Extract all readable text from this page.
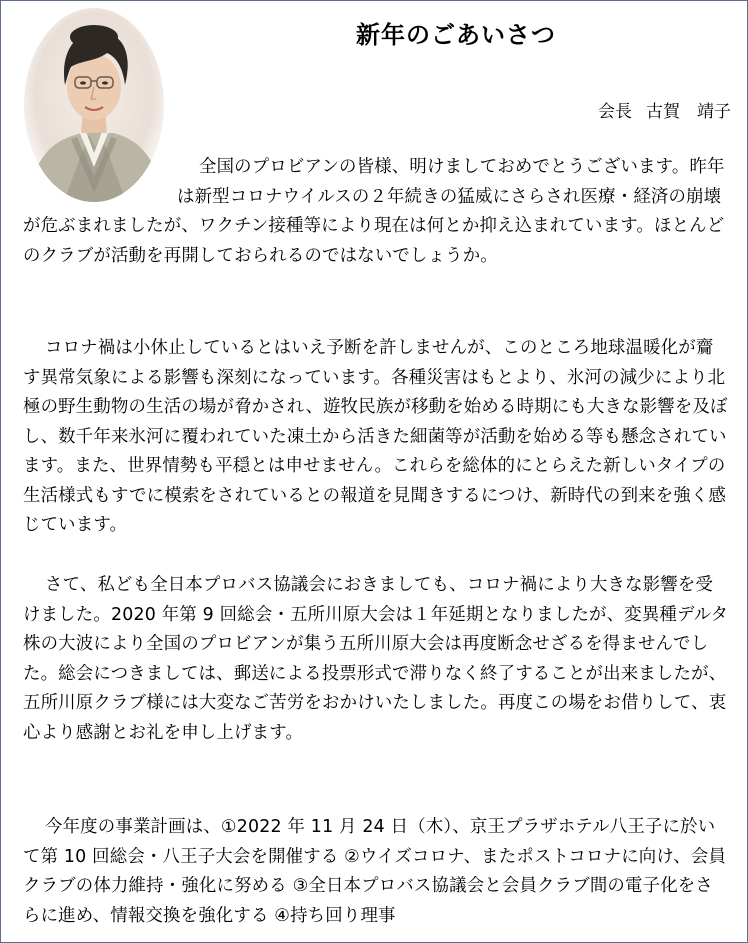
新年のごあいさつ
会長 古賀　靖子
全国のプロビアンの皆様、明けましておめでとうございます。昨年は新型コロナウイルスの２年続きの猛威にさらされ医療・経済の崩壊が危ぶまれましたが、ワクチン接種等により現在は何とか抑え込まれています。ほとんどのクラブが活動を再開しておられるのではないでしょうか。
コロナ禍は小休止しているとはいえ予断を許しませんが、このところ地球温暖化が齎す異常気象による影響も深刻になっています。各種災害はもとより、氷河の減少により北極の野生動物の生活の場が脅かされ、遊牧民族が移動を始める時期にも大きな影響を及ぼし、数千年来氷河に覆われていた凍土から活きた細菌等が活動を始める等も懸念されています。また、世界情勢も平穏とは申せません。これらを総体的にとらえた新しいタイプの生活様式もすでに模索をされているとの報道を見聞きするにつけ、新時代の到来を強く感じています。
さて、私ども全日本プロバス協議会におきましても、コロナ禍により大きな影響を受けました。2020 年第 9 回総会・五所川原大会は１年延期となりましたが、変異種デルタ株の大波により全国のプロビアンが集う五所川原大会は再度断念せざるを得ませんでした。総会につきましては、郵送による投票形式で滞りなく終了することが出来ましたが、五所川原クラブ様には大変なご苦労をおかけいたしました。再度この場をお借りして、衷心より感謝とお礼を申し上げます。
今年度の事業計画は、①2022 年 11 月 24 日（木）、京王プラザホテル八王子に於いて第 10 回総会・八王子大会を開催する ②ウイズコロナ、またポストコロナに向け、会員クラブの体力維持・強化に努める ③全日本プロバス協議会と会員クラブ間の電子化をさらに進め、情報交換を強化する ④持ち回り理事
